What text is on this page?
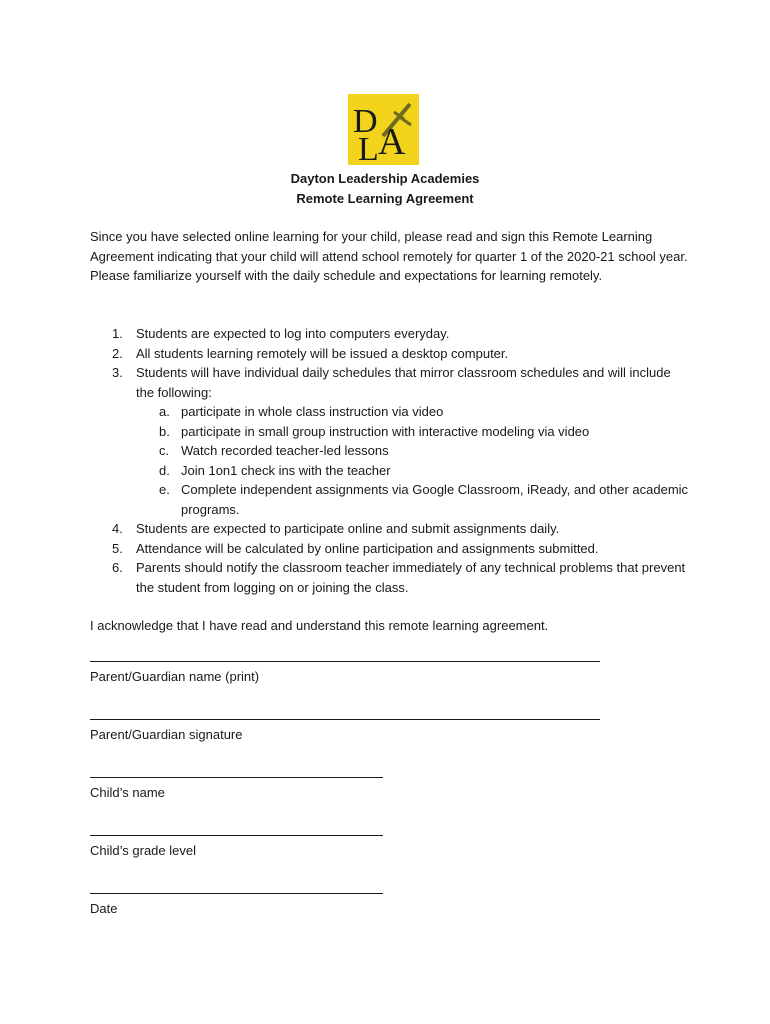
D
L A
Dayton Leadership Academies
Remote Learning Agreement
Since you have selected online learning for your child, please read and sign this Remote Learning Agreement indicating that your child will attend school remotely for quarter 1 of the 2020-21 school year. Please familiarize yourself with the daily schedule and expectations for learning remotely.
1. Students are expected to log into computers everyday.
2. All students learning remotely will be issued a desktop computer.
3. Students will have individual daily schedules that mirror classroom schedules and will include the following:
a. participate in whole class instruction via video
b. participate in small group instruction with interactive modeling via video
c. Watch recorded teacher-led lessons
d. Join 1on1 check ins with the teacher
e. Complete independent assignments via Google Classroom, iReady, and other academic programs.
4. Students are expected to participate online and submit assignments daily.
5. Attendance will be calculated by online participation and assignments submitted.
6. Parents should notify the classroom teacher immediately of any technical problems that prevent the student from logging on or joining the class.
I acknowledge that I have read and understand this remote learning agreement.
Parent/Guardian name (print)
Parent/Guardian signature
Child’s name
Child’s grade level
Date
